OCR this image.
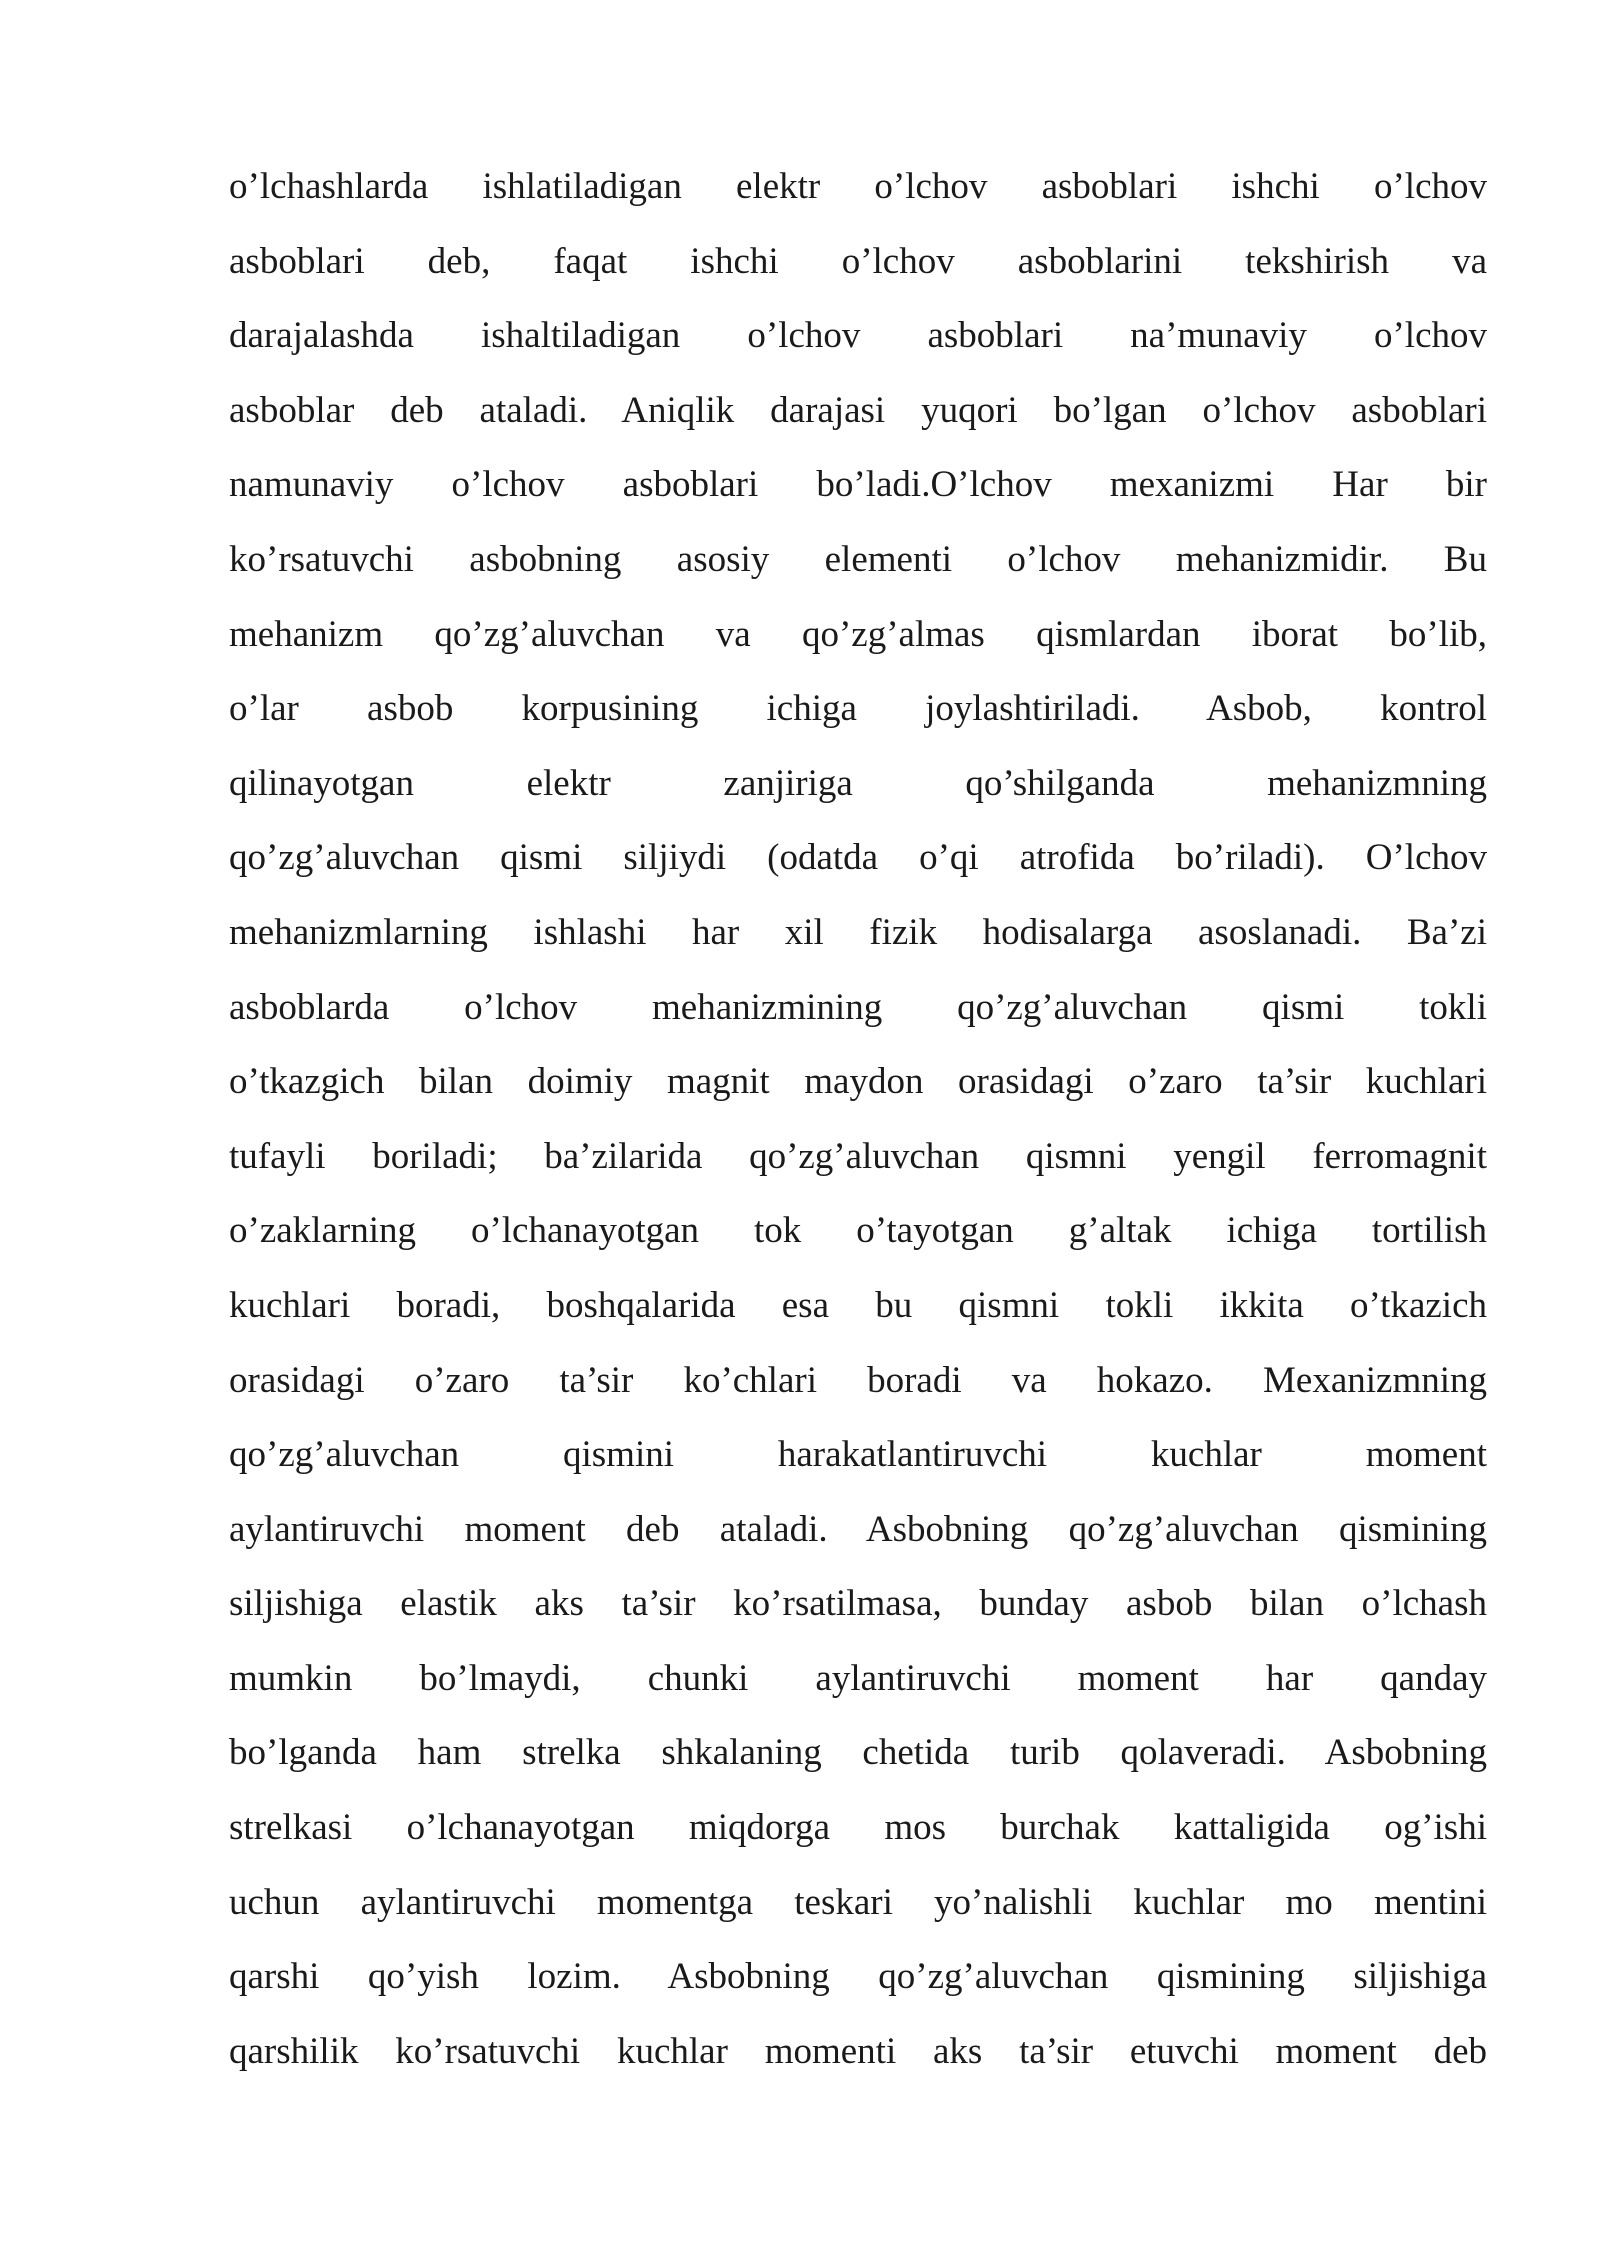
o’lchashlarda ishlatiladigan elektr o’lchov asboblari ishchi o’lchov
asboblari deb, faqat ishchi o’lchov asboblarini tekshirish va
darajalashda ishaltiladigan o’lchov asboblari na’munaviy o’lchov
asboblar deb ataladi. Aniqlik darajasi yuqori bo’lgan o’lchov asboblari
namunaviy o’lchov asboblari bo’ladi.O’lchov mexanizmi Har bir
ko’rsatuvchi asbobning asosiy elementi o’lchov mehanizmidir. Bu
mehanizm qo’zg’aluvchan va qo’zg’almas qismlardan iborat bo’lib,
o’lar asbob korpusining ichiga joylashtiriladi. Asbob, kontrol
qilinayotgan elektr zanjiriga qo’shilganda mehanizmning
qo’zg’aluvchan qismi siljiydi (odatda o’qi atrofida bo’riladi). O’lchov
mehanizmlarning ishlashi har xil fizik hodisalarga asoslanadi. Ba’zi
asboblarda o’lchov mehanizmining qo’zg’aluvchan qismi tokli
o’tkazgich bilan doimiy magnit maydon orasidagi o’zaro ta’sir kuchlari
tufayli boriladi; ba’zilarida qo’zg’aluvchan qismni yengil ferromagnit
o’zaklarning o’lchanayotgan tok o’tayotgan g’altak ichiga tortilish
kuchlari boradi, boshqalarida esa bu qismni tokli ikkita o’tkazich
orasidagi o’zaro ta’sir ko’chlari boradi va hokazo. Mexanizmning
qo’zg’aluvchan qismini harakatlantiruvchi kuchlar moment
aylantiruvchi moment deb ataladi. Asbobning qo’zg’aluvchan qismining
siljishiga elastik aks ta’sir ko’rsatilmasa, bunday asbob bilan o’lchash
mumkin bo’lmaydi, chunki aylantiruvchi moment har qanday
bo’lganda ham strelka shkalaning chetida turib qolaveradi. Asbobning
strelkasi o’lchanayotgan miqdorga mos burchak kattaligida og’ishi
uchun aylantiruvchi momentga teskari yo’nalishli kuchlar mo mentini
qarshi qo’yish lozim. Asbobning qo’zg’aluvchan qismining siljishiga
qarshilik ko’rsatuvchi kuchlar momenti aks ta’sir etuvchi moment deb
